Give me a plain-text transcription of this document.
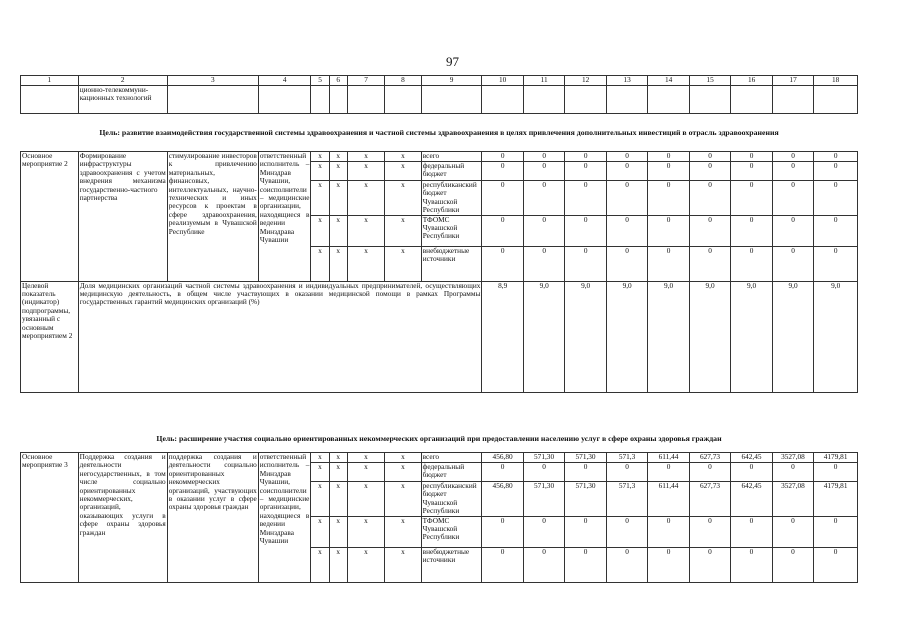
97
1	2	3	4	5	6	7	8	9	10	11	12	13	14	15	16	17	18
	ционно-телекоммуни-кационных технологий																
Цель: развитие взаимодействия государственной системы здравоохранения и частной системы здравоохранения в целях привлечения дополнительных инвестиций в отрасль здравоохранения																	
Основное мероприятие 2	Формирование инфраструктуры здравоохранения с учетом внедрения механизма государственно-частного партнерства	стимулирование инвесторов к привлечению материальных, финансовых, интеллектуальных, научно-технических и иных ресурсов к проектам в сфере здравоохранения, реализуемым в Чувашской Республике	ответственный исполнитель – Минздрав Чувашии, соисполнители – медицинские организации, находящиеся в ведении Минздрава Чувашии	x	x	x	x	всего	0	0	0	0	0	0	0	0	0
				x	x	x	x	федеральный бюджет	0	0	0	0	0	0	0	0	0
				x	x	x	x	республиканский бюджет Чувашской Республики	0	0	0	0	0	0	0	0	0
				x	x	x	x	ТФОМС Чувашской Республики	0	0	0	0	0	0	0	0	0
				x	x	x	x	внебюджетные источники	0	0	0	0	0	0	0	0	0
Целевой показатель (индикатор) подпрограммы, увязанный с основным мероприятием 2	Доля медицинских организаций частной системы здравоохранения и индивидуальных предпринимателей, осуществляющих медицинскую деятельность, в общем числе участвующих в оказании медицинской помощи в рамках Программы государственных гарантий медицинских организаций (%)								8,9	9,0	9,0	9,0	9,0	9,0	9,0	9,0	9,0
Цель: расширение участия социально ориентированных некоммерческих организаций при предоставлении населению услуг в сфере охраны здоровья граждан																	
Основное мероприятие 3	Поддержка создания и деятельности негосударственных, в том числе социально ориентированных некоммерческих, организаций, оказывающих услуги в сфере охраны здоровья граждан	поддержка создания и деятельности социально ориентированных некоммерческих организаций, участвующих в оказании услуг в сфере охраны здоровья граждан	ответственный исполнитель – Минздрав Чувашии, соисполнители – медицинские организации, находящиеся в ведении Минздрава Чувашии	x	x	x	x	всего	456,80	571,30	571,30	571,3	611,44	627,73	642,45	3527,08	4179,81
				x	x	x	x	федеральный бюджет	0	0	0	0	0	0	0	0	0
				x	x	x	x	республиканский бюджет Чувашской Республики	456,80	571,30	571,30	571,3	611,44	627,73	642,45	3527,08	4179,81
				x	x	x	x	ТФОМС Чувашской Республики	0	0	0	0	0	0	0	0	0
				x	x	x	x	внебюджетные источники	0	0	0	0	0	0	0	0	0
